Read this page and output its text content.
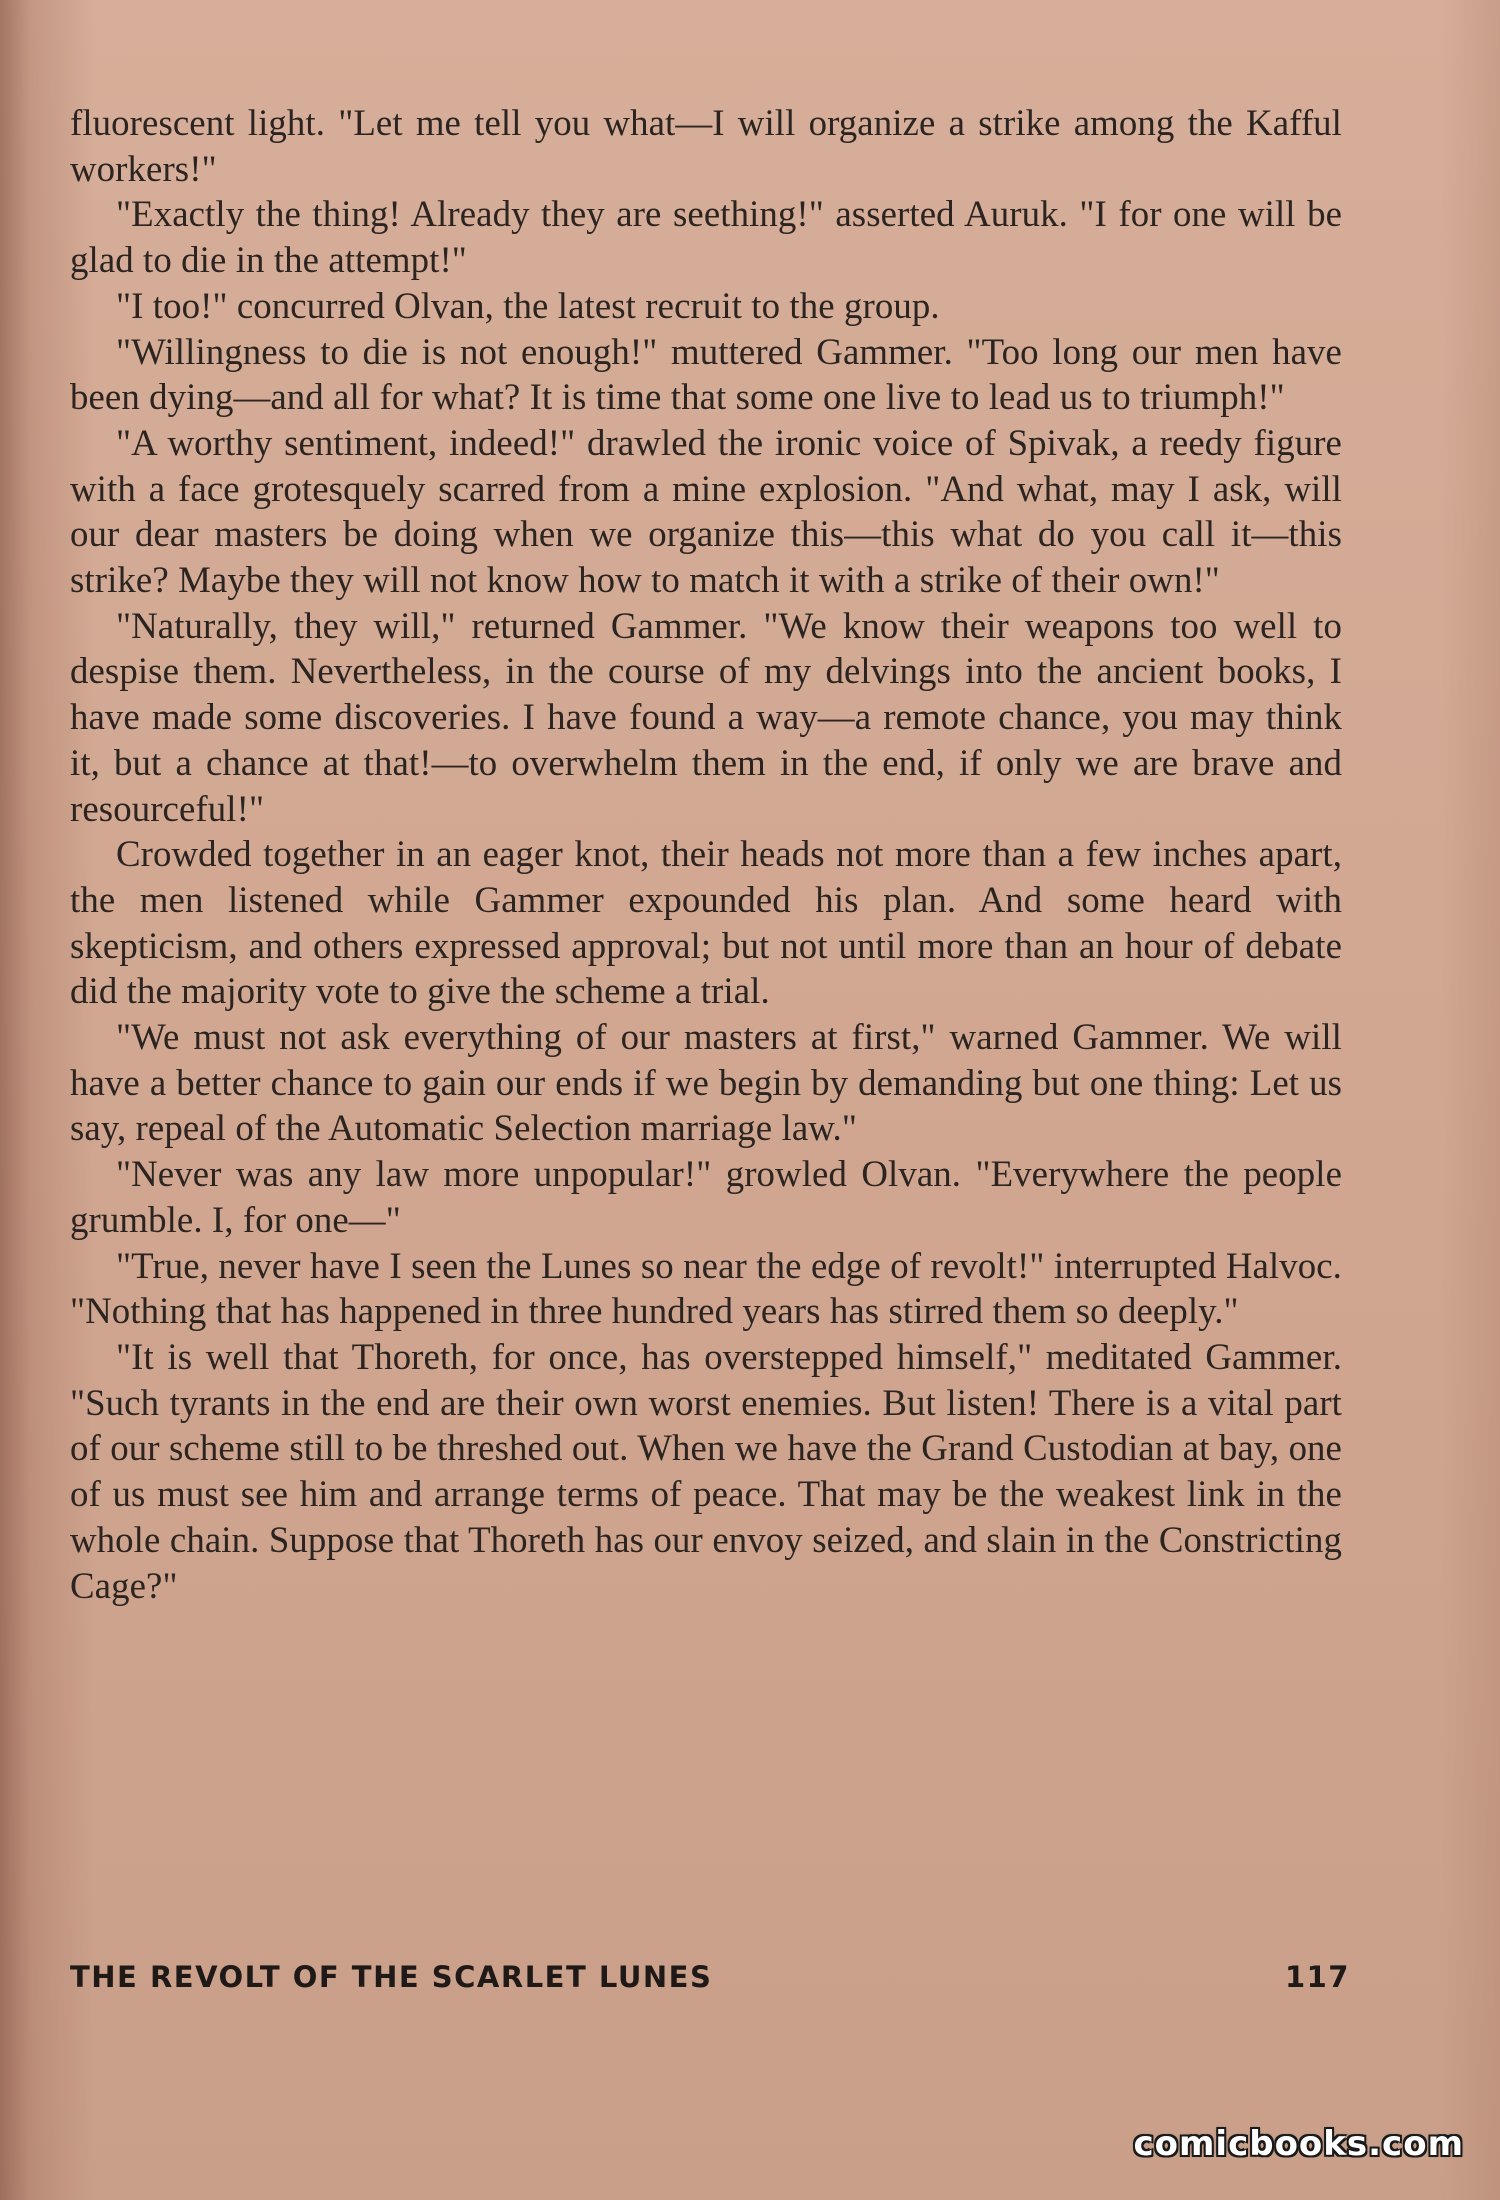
fluorescent light. "Let me tell you what—I will organize a strike among the Kafful workers!"

"Exactly the thing! Already they are seething!" asserted Auruk. "I for one will be glad to die in the attempt!"

"I too!" concurred Olvan, the latest recruit to the group.

"Willingness to die is not enough!" muttered Gammer. "Too long our men have been dying—and all for what? It is time that some one live to lead us to triumph!"

"A worthy sentiment, indeed!" drawled the ironic voice of Spivak, a reedy figure with a face grotesquely scarred from a mine explosion. "And what, may I ask, will our dear masters be doing when we organize this—this what do you call it—this strike? Maybe they will not know how to match it with a strike of their own!"

"Naturally, they will," returned Gammer. "We know their weapons too well to despise them. Nevertheless, in the course of my delvings into the ancient books, I have made some discoveries. I have found a way—a remote chance, you may think it, but a chance at that!—to overwhelm them in the end, if only we are brave and resourceful!"

Crowded together in an eager knot, their heads not more than a few inches apart, the men listened while Gammer expounded his plan. And some heard with skepticism, and others expressed approval; but not until more than an hour of debate did the majority vote to give the scheme a trial.

"We must not ask everything of our masters at first," warned Gammer. We will have a better chance to gain our ends if we begin by demanding but one thing: Let us say, repeal of the Automatic Selection marriage law."

"Never was any law more unpopular!" growled Olvan. "Everywhere the people grumble. I, for one—"

"True, never have I seen the Lunes so near the edge of revolt!" interrupted Halvoc. "Nothing that has happened in three hundred years has stirred them so deeply."

"It is well that Thoreth, for once, has overstepped himself," meditated Gammer. "Such tyrants in the end are their own worst enemies. But listen! There is a vital part of our scheme still to be threshed out. When we have the Grand Custodian at bay, one of us must see him and arrange terms of peace. That may be the weakest link in the whole chain. Suppose that Thoreth has our envoy seized, and slain in the Constricting Cage?"

THE REVOLT OF THE SCARLET LUNES	117
comicbooks.com
